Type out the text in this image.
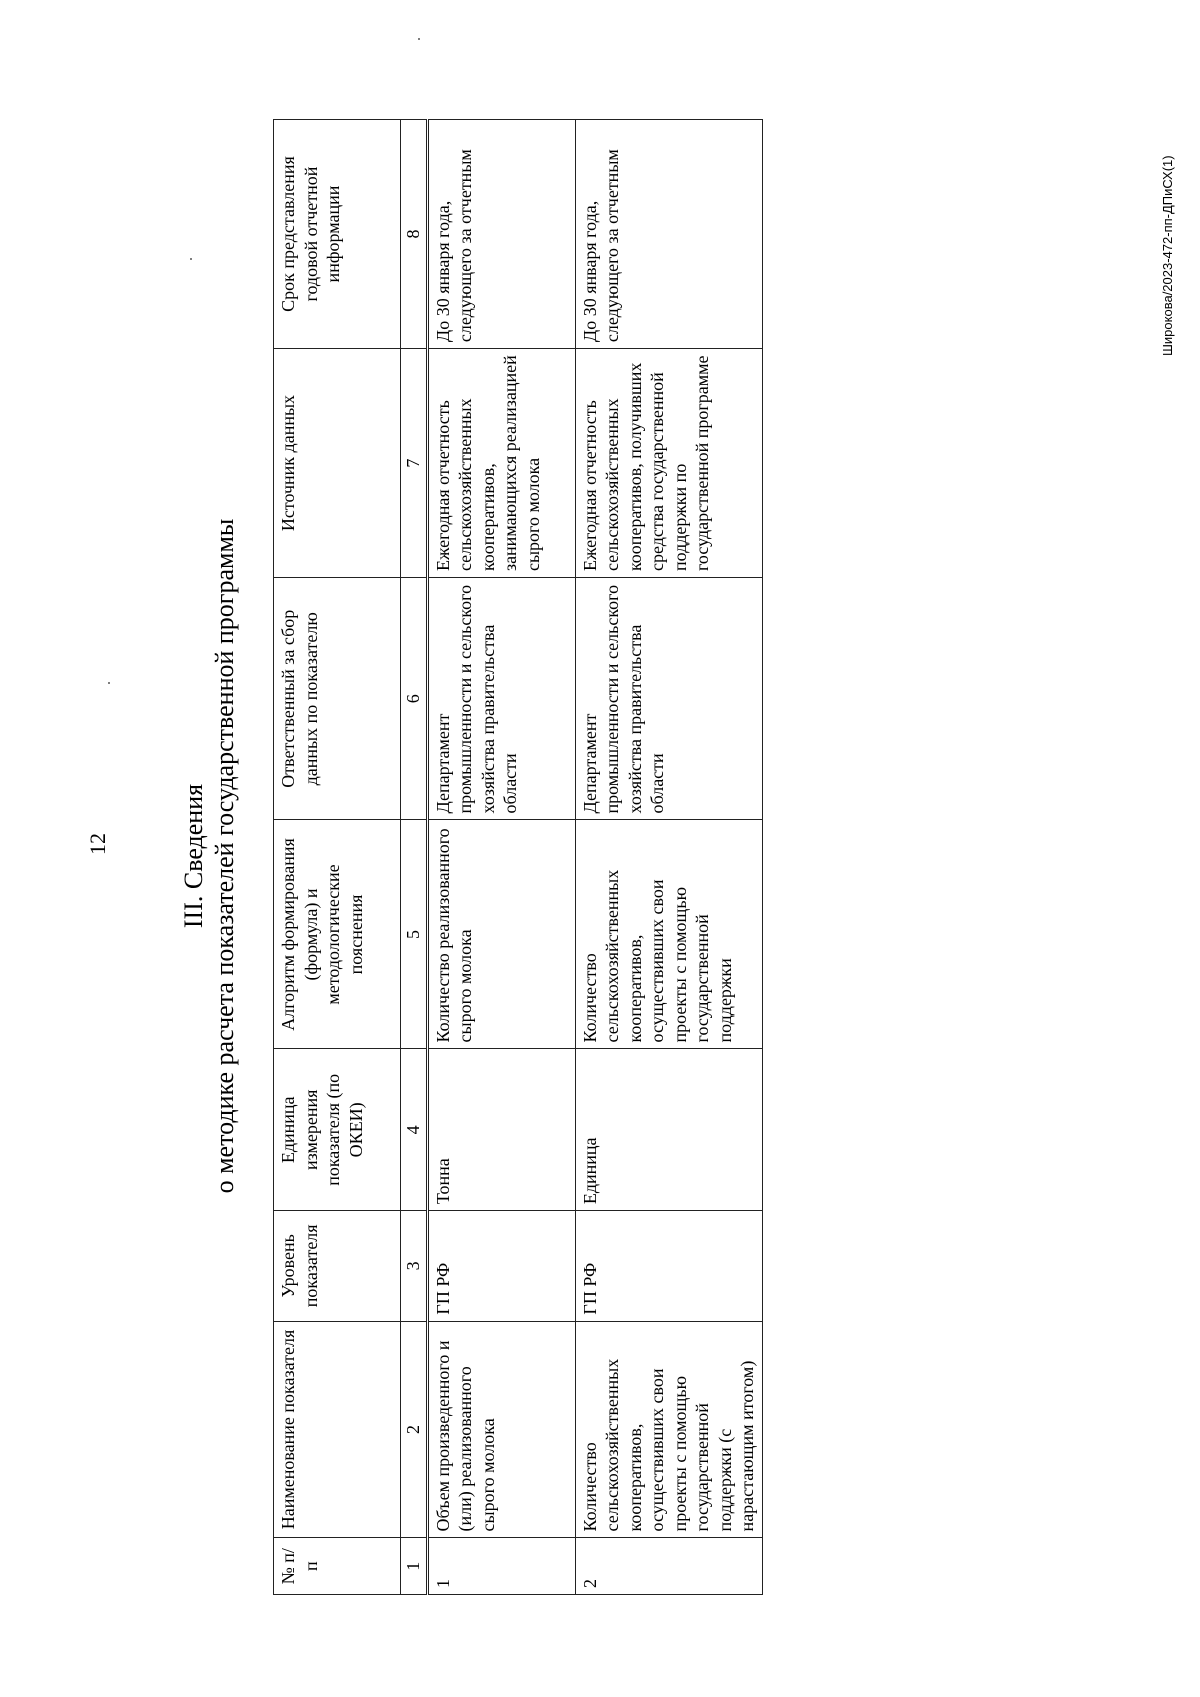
12
Широкова/2023-472-пп-ДПиСХ(1)
III. Сведения о методике расчета показателей государственной программы
№ п/п	Наименование показателя	Уровень показателя	Единица измерения показателя (по ОКЕИ)	Алгоритм формирования (формула) и методологические пояснения	Ответственный за сбор данных по показателю	Источник данных	Срок представления годовой отчетной информации
1	2	3	4	5	6	7	8
1	Объем произведенного и (или) реализованного сырого молока	ГП РФ	Тонна	Количество реализованного сырого молока	Департамент промышленности и сельского хозяйства правительства области	Ежегодная отчетность сельскохозяйственных кооперативов, занимающихся реализацией сырого молока	До 30 января года, следующего за отчетным
2	Количество сельскохозяйственных кооперативов, осуществивших свои проекты с помощью государственной поддержки (с нарастающим итогом)	ГП РФ	Единица	Количество сельскохозяйственных кооперативов, осуществивших свои проекты с помощью государственной поддержки	Департамент промышленности и сельского хозяйства правительства области	Ежегодная отчетность сельскохозяйственных кооперативов, получивших средства государственной поддержки по государственной программе	До 30 января года, следующего за отчетным
